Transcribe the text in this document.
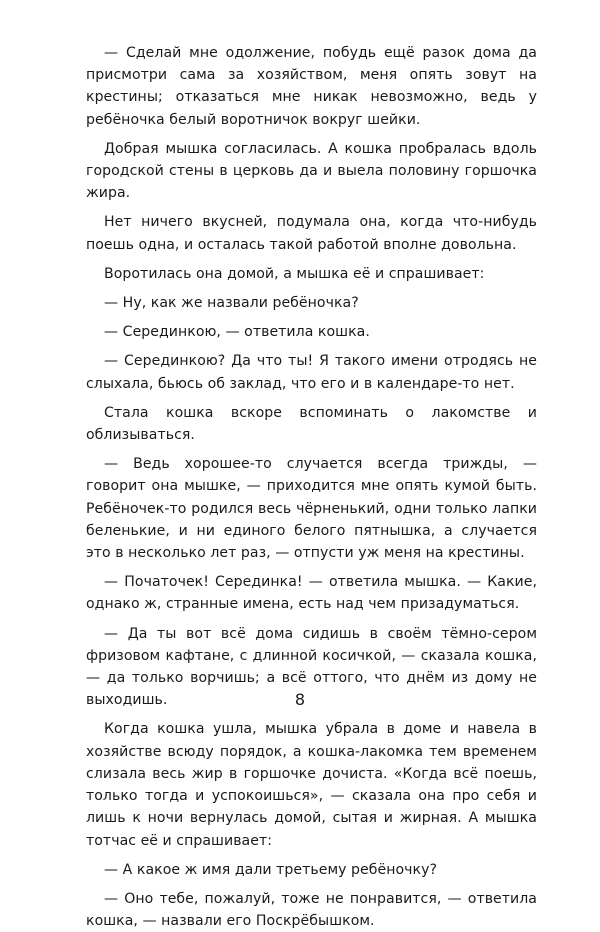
— Сделай мне одолжение, побудь ещё разок дома да присмотри сама за хозяйством, меня опять зовут на крестины; отказаться мне никак невозможно, ведь у ребёночка белый воротничок вокруг шейки.

Добрая мышка согласилась. А кошка пробралась вдоль городской стены в церковь да и выела половину горшочка жира.

Нет ничего вкусней, подумала она, когда что-нибудь поешь одна, и осталась такой работой вполне довольна.

Воротилась она домой, а мышка её и спрашивает:

— Ну, как же назвали ребёночка?

— Серединкою, — ответила кошка.

— Серединкою? Да что ты! Я такого имени отродясь не слыхала, бьюсь об заклад, что его и в календаре-то нет.

Стала кошка вскоре вспоминать о лакомстве и облизываться.

— Ведь хорошее-то случается всегда трижды, — говорит она мышке, — приходится мне опять кумой быть. Ребёночек-то родился весь чёрненький, одни только лапки беленькие, и ни единого белого пятнышка, а случается это в несколько лет раз, — отпусти уж меня на крестины.

— Початочек! Серединка! — ответила мышка. — Какие, однако ж, странные имена, есть над чем призадуматься.

— Да ты вот всё дома сидишь в своём тёмно-сером фризовом кафтане, с длинной косичкой, — сказала кошка, — да только ворчишь; а всё оттого, что днём из дому не выходишь.

Когда кошка ушла, мышка убрала в доме и навела в хозяйстве всюду порядок, а кошка-лакомка тем временем слизала весь жир в горшочке дочиста. «Когда всё поешь, только тогда и успокоишься», — сказала она про себя и лишь к ночи вернулась домой, сытая и жирная. А мышка тотчас её и спрашивает:

— А какое ж имя дали третьему ребёночку?

— Оно тебе, пожалуй, тоже не понравится, — ответила кошка, — назвали его Поскрёбышком.

8
